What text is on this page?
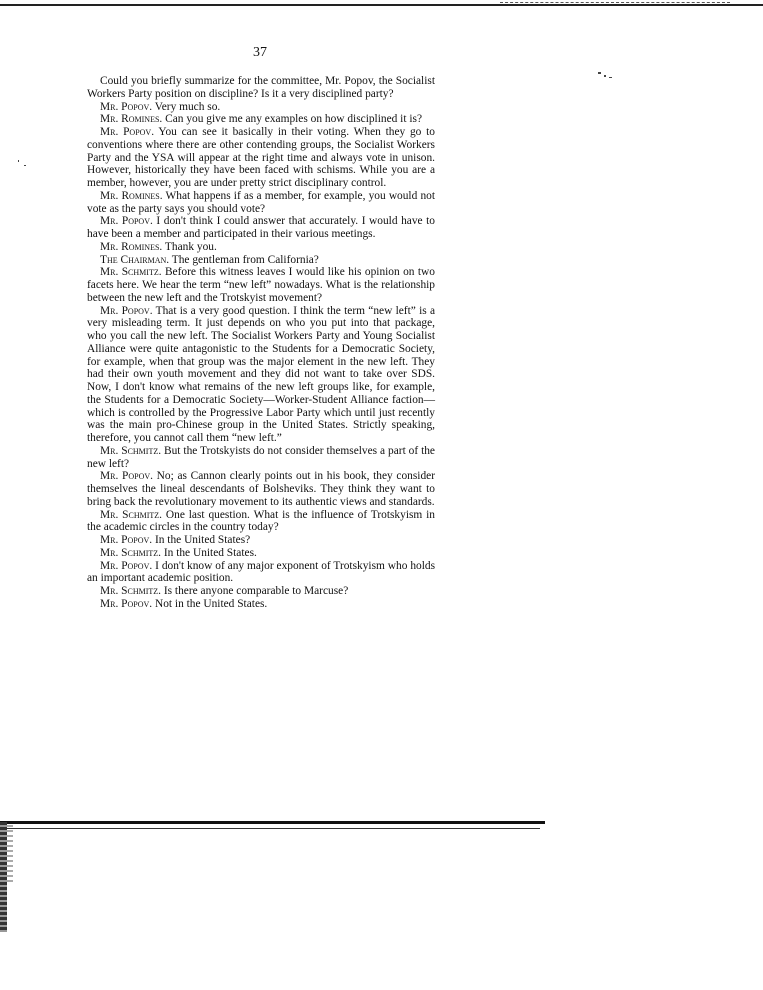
37

Could you briefly summarize for the committee, Mr. Popov, the Socialist Workers Party position on discipline? Is it a very disciplined party?

Mr. Popov. Very much so.

Mr. Romines. Can you give me any examples on how disciplined it is?

Mr. Popov. You can see it basically in their voting. When they go to conventions where there are other contending groups, the Socialist Workers Party and the YSA will appear at the right time and always vote in unison. However, historically they have been faced with schisms. While you are a member, however, you are under pretty strict disciplinary control.

Mr. Romines. What happens if as a member, for example, you would not vote as the party says you should vote?

Mr. Popov. I don't think I could answer that accurately. I would have to have been a member and participated in their various meetings.

Mr. Romines. Thank you.

The Chairman. The gentleman from California?

Mr. Schmitz. Before this witness leaves I would like his opinion on two facets here. We hear the term “new left” nowadays. What is the relationship between the new left and the Trotskyist movement?

Mr. Popov. That is a very good question. I think the term “new left” is a very misleading term. It just depends on who you put into that package, who you call the new left. The Socialist Workers Party and Young Socialist Alliance were quite antagonistic to the Students for a Democratic Society, for example, when that group was the major element in the new left. They had their own youth movement and they did not want to take over SDS. Now, I don't know what remains of the new left groups like, for example, the Students for a Democratic Society—Worker-Student Alliance faction—which is controlled by the Progressive Labor Party which until just recently was the main pro-Chinese group in the United States. Strictly speaking, therefore, you cannot call them “new left.”

Mr. Schmitz. But the Trotskyists do not consider themselves a part of the new left?

Mr. Popov. No; as Cannon clearly points out in his book, they consider themselves the lineal descendants of Bolsheviks. They think they want to bring back the revolutionary movement to its authentic views and standards.

Mr. Schmitz. One last question. What is the influence of Trotskyism in the academic circles in the country today?

Mr. Popov. In the United States?

Mr. Schmitz. In the United States.

Mr. Popov. I don't know of any major exponent of Trotskyism who holds an important academic position.

Mr. Schmitz. Is there anyone comparable to Marcuse?

Mr. Popov. Not in the United States.
